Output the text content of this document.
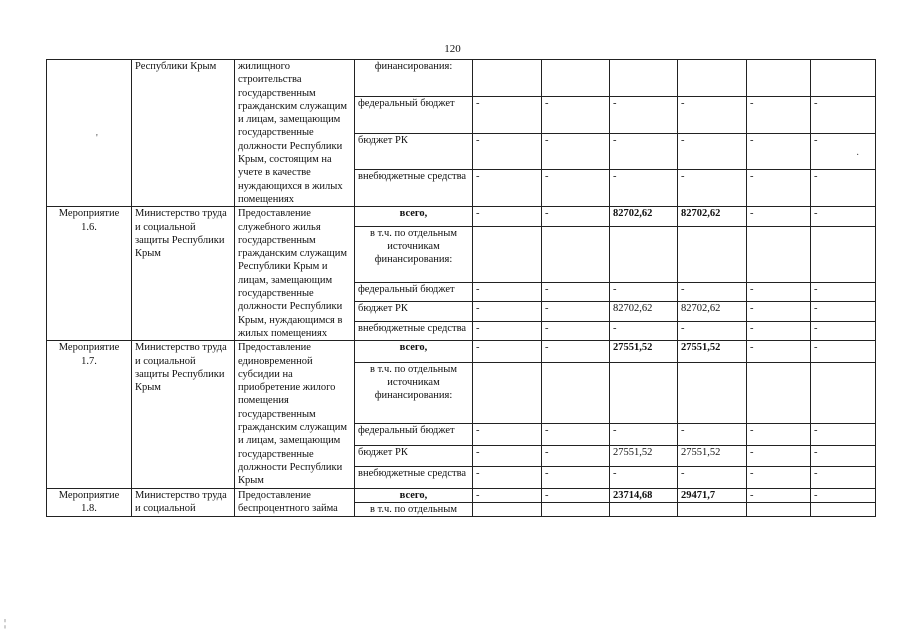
120
	Республики Крым	жилищного строительства государственным гражданским служащим и лицам, замещающим государственные должности Республики Крым, состоящим на учете в качестве нуждающихся в жилых помещениях	финансирования:						
			федеральный бюджет	-	-	-	-	-	-
			бюджет РК	-	-	-	-	-	-
			внебюджетные средства	-	-	-	-	-	-
Мероприятие 1.6.	Министерство труда и социальной защиты Республики Крым	Предоставление служебного жилья государственным гражданским служащим Республики Крым и лицам, замещающим государственные должности Республики Крым, нуждающимся в жилых помещениях	всего,	-	-	82702,62	82702,62	-	-
			в т.ч. по отдельным источникам финансирования:						
			федеральный бюджет	-	-	-	-	-	-
			бюджет РК	-	-	82702,62	82702,62	-	-
			внебюджетные средства	-	-	-	-	-	-
Мероприятие 1.7.	Министерство труда и социальной защиты Республики Крым	Предоставление единовременной субсидии на приобретение жилого помещения государственным гражданским служащим и лицам, замещающим государственные должности Республики Крым	всего,	-	-	27551,52	27551,52	-	-
			в т.ч. по отдельным источникам финансирования:						
			федеральный бюджет	-	-	-	-	-	-
			бюджет РК	-	-	27551,52	27551,52	-	-
			внебюджетные средства	-	-	-	-	-	-
Мероприятие 1.8.	Министерство труда и социальной	Предоставление беспроцентного займа	всего,	-	-	23714,68	29471,7	-	-
			в т.ч. по отдельным						
'
·
¦
